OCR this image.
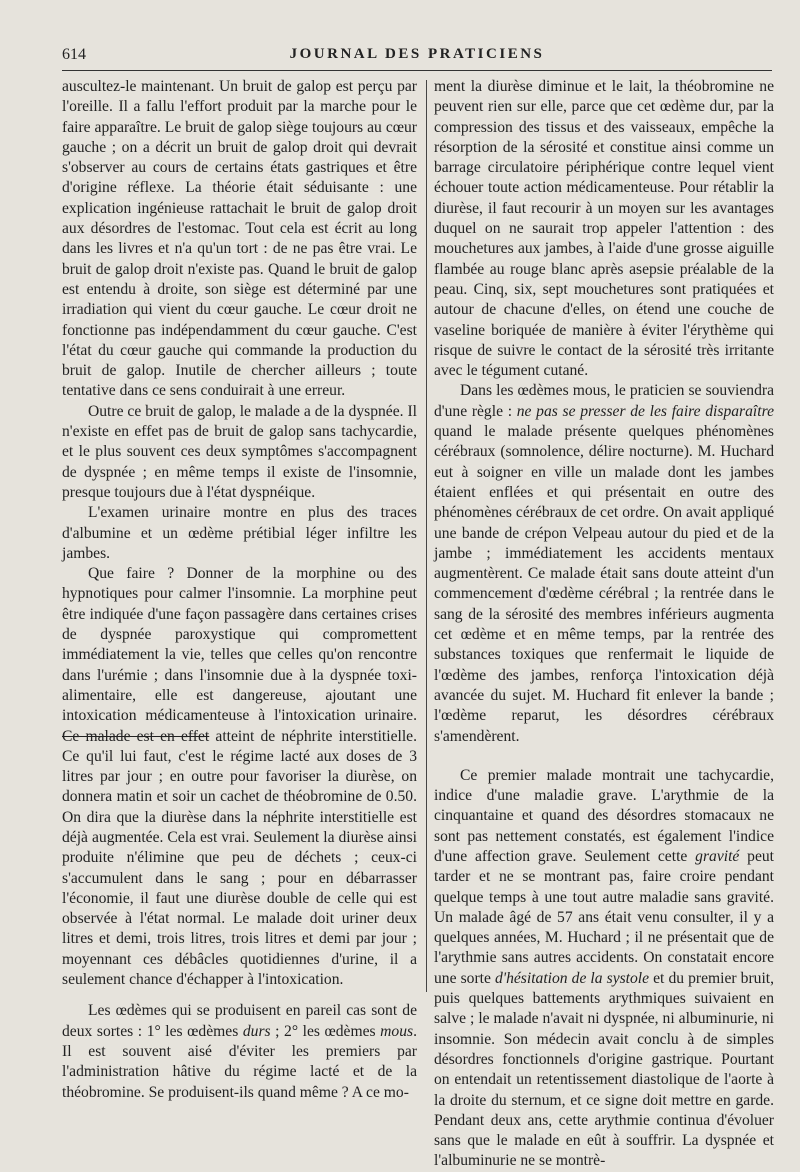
614	JOURNAL DES PRATICIENS

auscultez-le maintenant. Un bruit de galop est perçu par l'oreille. Il a fallu l'effort produit par la marche pour le faire apparaître. Le bruit de galop siège toujours au cœur gauche ; on a décrit un bruit de galop droit qui devrait s'observer au cours de certains états gastriques et être d'origine réflexe. La théorie était séduisante : une explication ingénieuse rattachait le bruit de galop droit aux désordres de l'estomac. Tout cela est écrit au long dans les livres et n'a qu'un tort : de ne pas être vrai. Le bruit de galop droit n'existe pas. Quand le bruit de galop est entendu à droite, son siège est déterminé par une irradiation qui vient du cœur gauche. Le cœur droit ne fonctionne pas indépendamment du cœur gauche. C'est l'état du cœur gauche qui commande la production du bruit de galop. Inutile de chercher ailleurs ; toute tentative dans ce sens conduirait à une erreur.

Outre ce bruit de galop, le malade a de la dyspnée. Il n'existe en effet pas de bruit de galop sans tachycardie, et le plus souvent ces deux symptômes s'accompagnent de dyspnée ; en même temps il existe de l'insomnie, presque toujours due à l'état dyspnéique.

L'examen urinaire montre en plus des traces d'albumine et un œdème prétibial léger infiltre les jambes.

Que faire ? Donner de la morphine ou des hypnotiques pour calmer l'insomnie. La morphine peut être indiquée d'une façon passagère dans certaines crises de dyspnée paroxystique qui compromettent immédiatement la vie, telles que celles qu'on rencontre dans l'urémie ; dans l'insomnie due à la dyspnée toxi-alimentaire, elle est dangereuse, ajoutant une intoxication médicamenteuse à l'intoxication urinaire. Ce malade est en effet atteint de néphrite interstitielle. Ce qu'il lui faut, c'est le régime lacté aux doses de 3 litres par jour ; en outre pour favoriser la diurèse, on donnera matin et soir un cachet de théobromine de 0.50. On dira que la diurèse dans la néphrite interstitielle est déjà augmentée. Cela est vrai. Seulement la diurèse ainsi produite n'élimine que peu de déchets ; ceux-ci s'accumulent dans le sang ; pour en débarrasser l'économie, il faut une diurèse double de celle qui est observée à l'état normal. Le malade doit uriner deux litres et demi, trois litres, trois litres et demi par jour ; moyennant ces débâcles quotidiennes d'urine, il a seulement chance d'échapper à l'intoxication.

Les œdèmes qui se produisent en pareil cas sont de deux sortes : 1° les œdèmes durs ; 2° les œdèmes mous. Il est souvent aisé d'éviter les premiers par l'administration hâtive du régime lacté et de la théobromine. Se produisent-ils quand même ? A ce mo-

ment la diurèse diminue et le lait, la théobromine ne peuvent rien sur elle, parce que cet œdème dur, par la compression des tissus et des vaisseaux, empêche la résorption de la sérosité et constitue ainsi comme un barrage circulatoire périphérique contre lequel vient échouer toute action médicamenteuse. Pour rétablir la diurèse, il faut recourir à un moyen sur les avantages duquel on ne saurait trop appeler l'attention : des mouchetures aux jambes, à l'aide d'une grosse aiguille flambée au rouge blanc après asepsie préalable de la peau. Cinq, six, sept mouchetures sont pratiquées et autour de chacune d'elles, on étend une couche de vaseline boriquée de manière à éviter l'érythème qui risque de suivre le contact de la sérosité très irritante avec le tégument cutané.

Dans les œdèmes mous, le praticien se souviendra d'une règle : ne pas se presser de les faire disparaître quand le malade présente quelques phénomènes cérébraux (somnolence, délire nocturne). M. Huchard eut à soigner en ville un malade dont les jambes étaient enflées et qui présentait en outre des phénomènes cérébraux de cet ordre. On avait appliqué une bande de crépon Velpeau autour du pied et de la jambe ; immédiatement les accidents mentaux augmentèrent. Ce malade était sans doute atteint d'un commencement d'œdème cérébral ; la rentrée dans le sang de la sérosité des membres inférieurs augmenta cet œdème et en même temps, par la rentrée des substances toxiques que renfermait le liquide de l'œdème des jambes, renforça l'intoxication déjà avancée du sujet. M. Huchard fit enlever la bande ; l'œdème reparut, les désordres cérébraux s'amendèrent.

Ce premier malade montrait une tachycardie, indice d'une maladie grave. L'arythmie de la cinquantaine et quand des désordres stomacaux ne sont pas nettement constatés, est également l'indice d'une affection grave. Seulement cette gravité peut tarder et ne se montrant pas, faire croire pendant quelque temps à une tout autre maladie sans gravité. Un malade âgé de 57 ans était venu consulter, il y a quelques années, M. Huchard ; il ne présentait que de l'arythmie sans autres accidents. On constatait encore une sorte d'hésitation de la systole et du premier bruit, puis quelques battements arythmiques suivaient en salve ; le malade n'avait ni dyspnée, ni albuminurie, ni insomnie. Son médecin avait conclu à de simples désordres fonctionnels d'origine gastrique. Pourtant on entendait un retentissement diastolique de l'aorte à la droite du sternum, et ce signe doit mettre en garde. Pendant deux ans, cette arythmie continua d'évoluer sans que le malade en eût à souffrir. La dyspnée et l'albuminurie ne se montrè-
